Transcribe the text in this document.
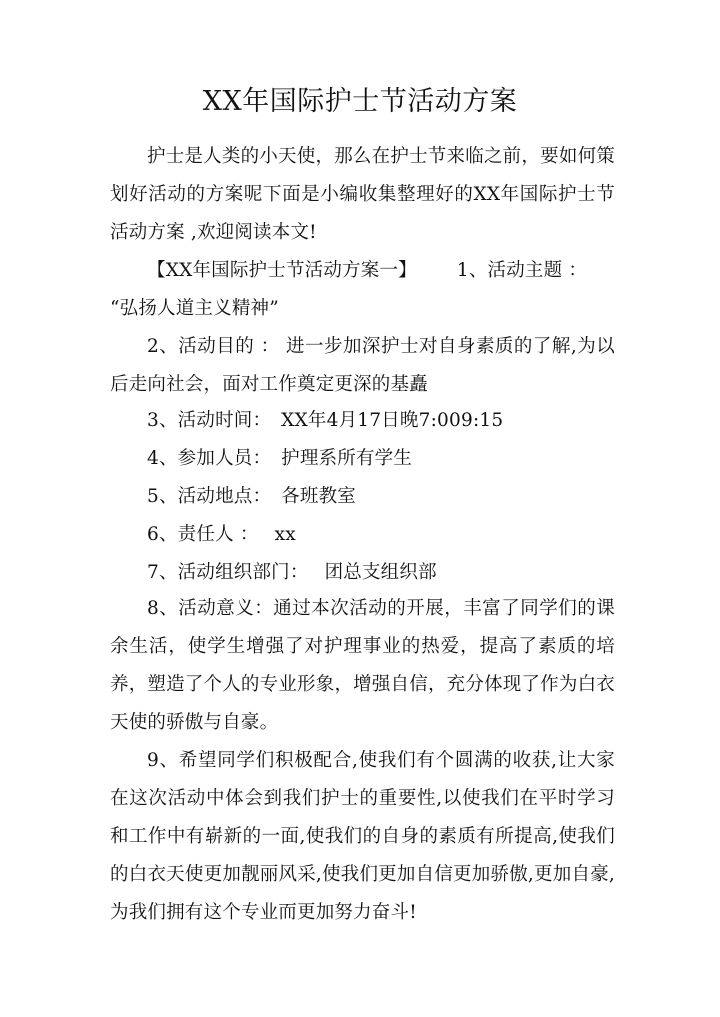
XX年国际护士节活动方案
护士是人类的小天使，那么在护士节来临之前，要如何策划好活动的方案呢下面是小编收集整理好的XX年国际护士节活动方案 ,欢迎阅读本文!
【XX年国际护士节活动方案一】 1、活动主题 ：
“弘扬人道主义精神”
2、活动目的 ： 进一步加深护士对自身素质的了解,为以后走向社会，面对工作奠定更深的基矗
3、活动时间： XX年4月17日晚7:009:15
4、参加人员： 护理系所有学生
5、活动地点： 各班教室
6、责任人 ： xx
7、活动组织部门： 团总支组织部
8、活动意义：通过本次活动的开展，丰富了同学们的课余生活，使学生增强了对护理事业的热爱，提高了素质的培养，塑造了个人的专业形象，增强自信，充分体现了作为白衣天使的骄傲与自豪。
9、希望同学们积极配合,使我们有个圆满的收获,让大家在这次活动中体会到我们护士的重要性,以使我们在平时学习和工作中有崭新的一面,使我们的自身的素质有所提高,使我们的白衣天使更加靓丽风采,使我们更加自信更加骄傲,更加自豪,为我们拥有这个专业而更加努力奋斗!
